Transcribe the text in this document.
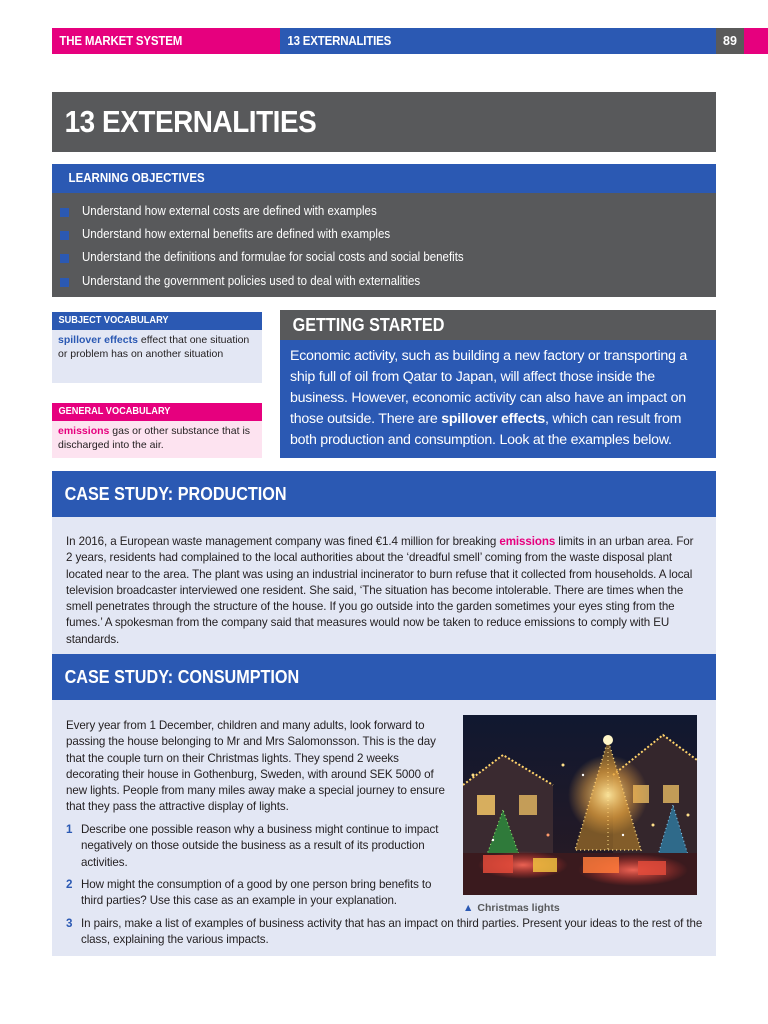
THE MARKET SYSTEM	13 EXTERNALITIES	89
13 EXTERNALITIES
LEARNING OBJECTIVES
Understand how external costs are defined with examples
Understand how external benefits are defined with examples
Understand the definitions and formulae for social costs and social benefits
Understand the government policies used to deal with externalities
SUBJECT VOCABULARY
spillover effects effect that one situation or problem has on another situation
GENERAL VOCABULARY
emissions gas or other substance that is discharged into the air.
GETTING STARTED
Economic activity, such as building a new factory or transporting a ship full of oil from Qatar to Japan, will affect those inside the business. However, economic activity can also have an impact on those outside. There are spillover effects, which can result from both production and consumption. Look at the examples below.
CASE STUDY: PRODUCTION
In 2016, a European waste management company was fined €1.4 million for breaking emissions limits in an urban area. For 2 years, residents had complained to the local authorities about the ‘dreadful smell’ coming from the waste disposal plant located near to the area. The plant was using an industrial incinerator to burn refuse that it collected from households. A local television broadcaster interviewed one resident. She said, ‘The situation has become intolerable. There are times when the smell penetrates through the structure of the house. If you go outside into the garden sometimes your eyes sting from the fumes.’ A spokesman from the company said that measures would now be taken to reduce emissions to comply with EU standards.
CASE STUDY: CONSUMPTION
Every year from 1 December, children and many adults, look forward to passing the house belonging to Mr and Mrs Salomonsson. This is the day that the couple turn on their Christmas lights. They spend 2 weeks decorating their house in Gothenburg, Sweden, with around SEK 5000 of new lights. People from many miles away make a special journey to ensure that they pass the attractive display of lights.
1 Describe one possible reason why a business might continue to impact negatively on those outside the business as a result of its production activities.
2 How might the consumption of a good by one person bring benefits to third parties? Use this case as an example in your explanation.
3 In pairs, make a list of examples of business activity that has an impact on third parties. Present your ideas to the rest of the class, explaining the various impacts.
▲ Christmas lights
